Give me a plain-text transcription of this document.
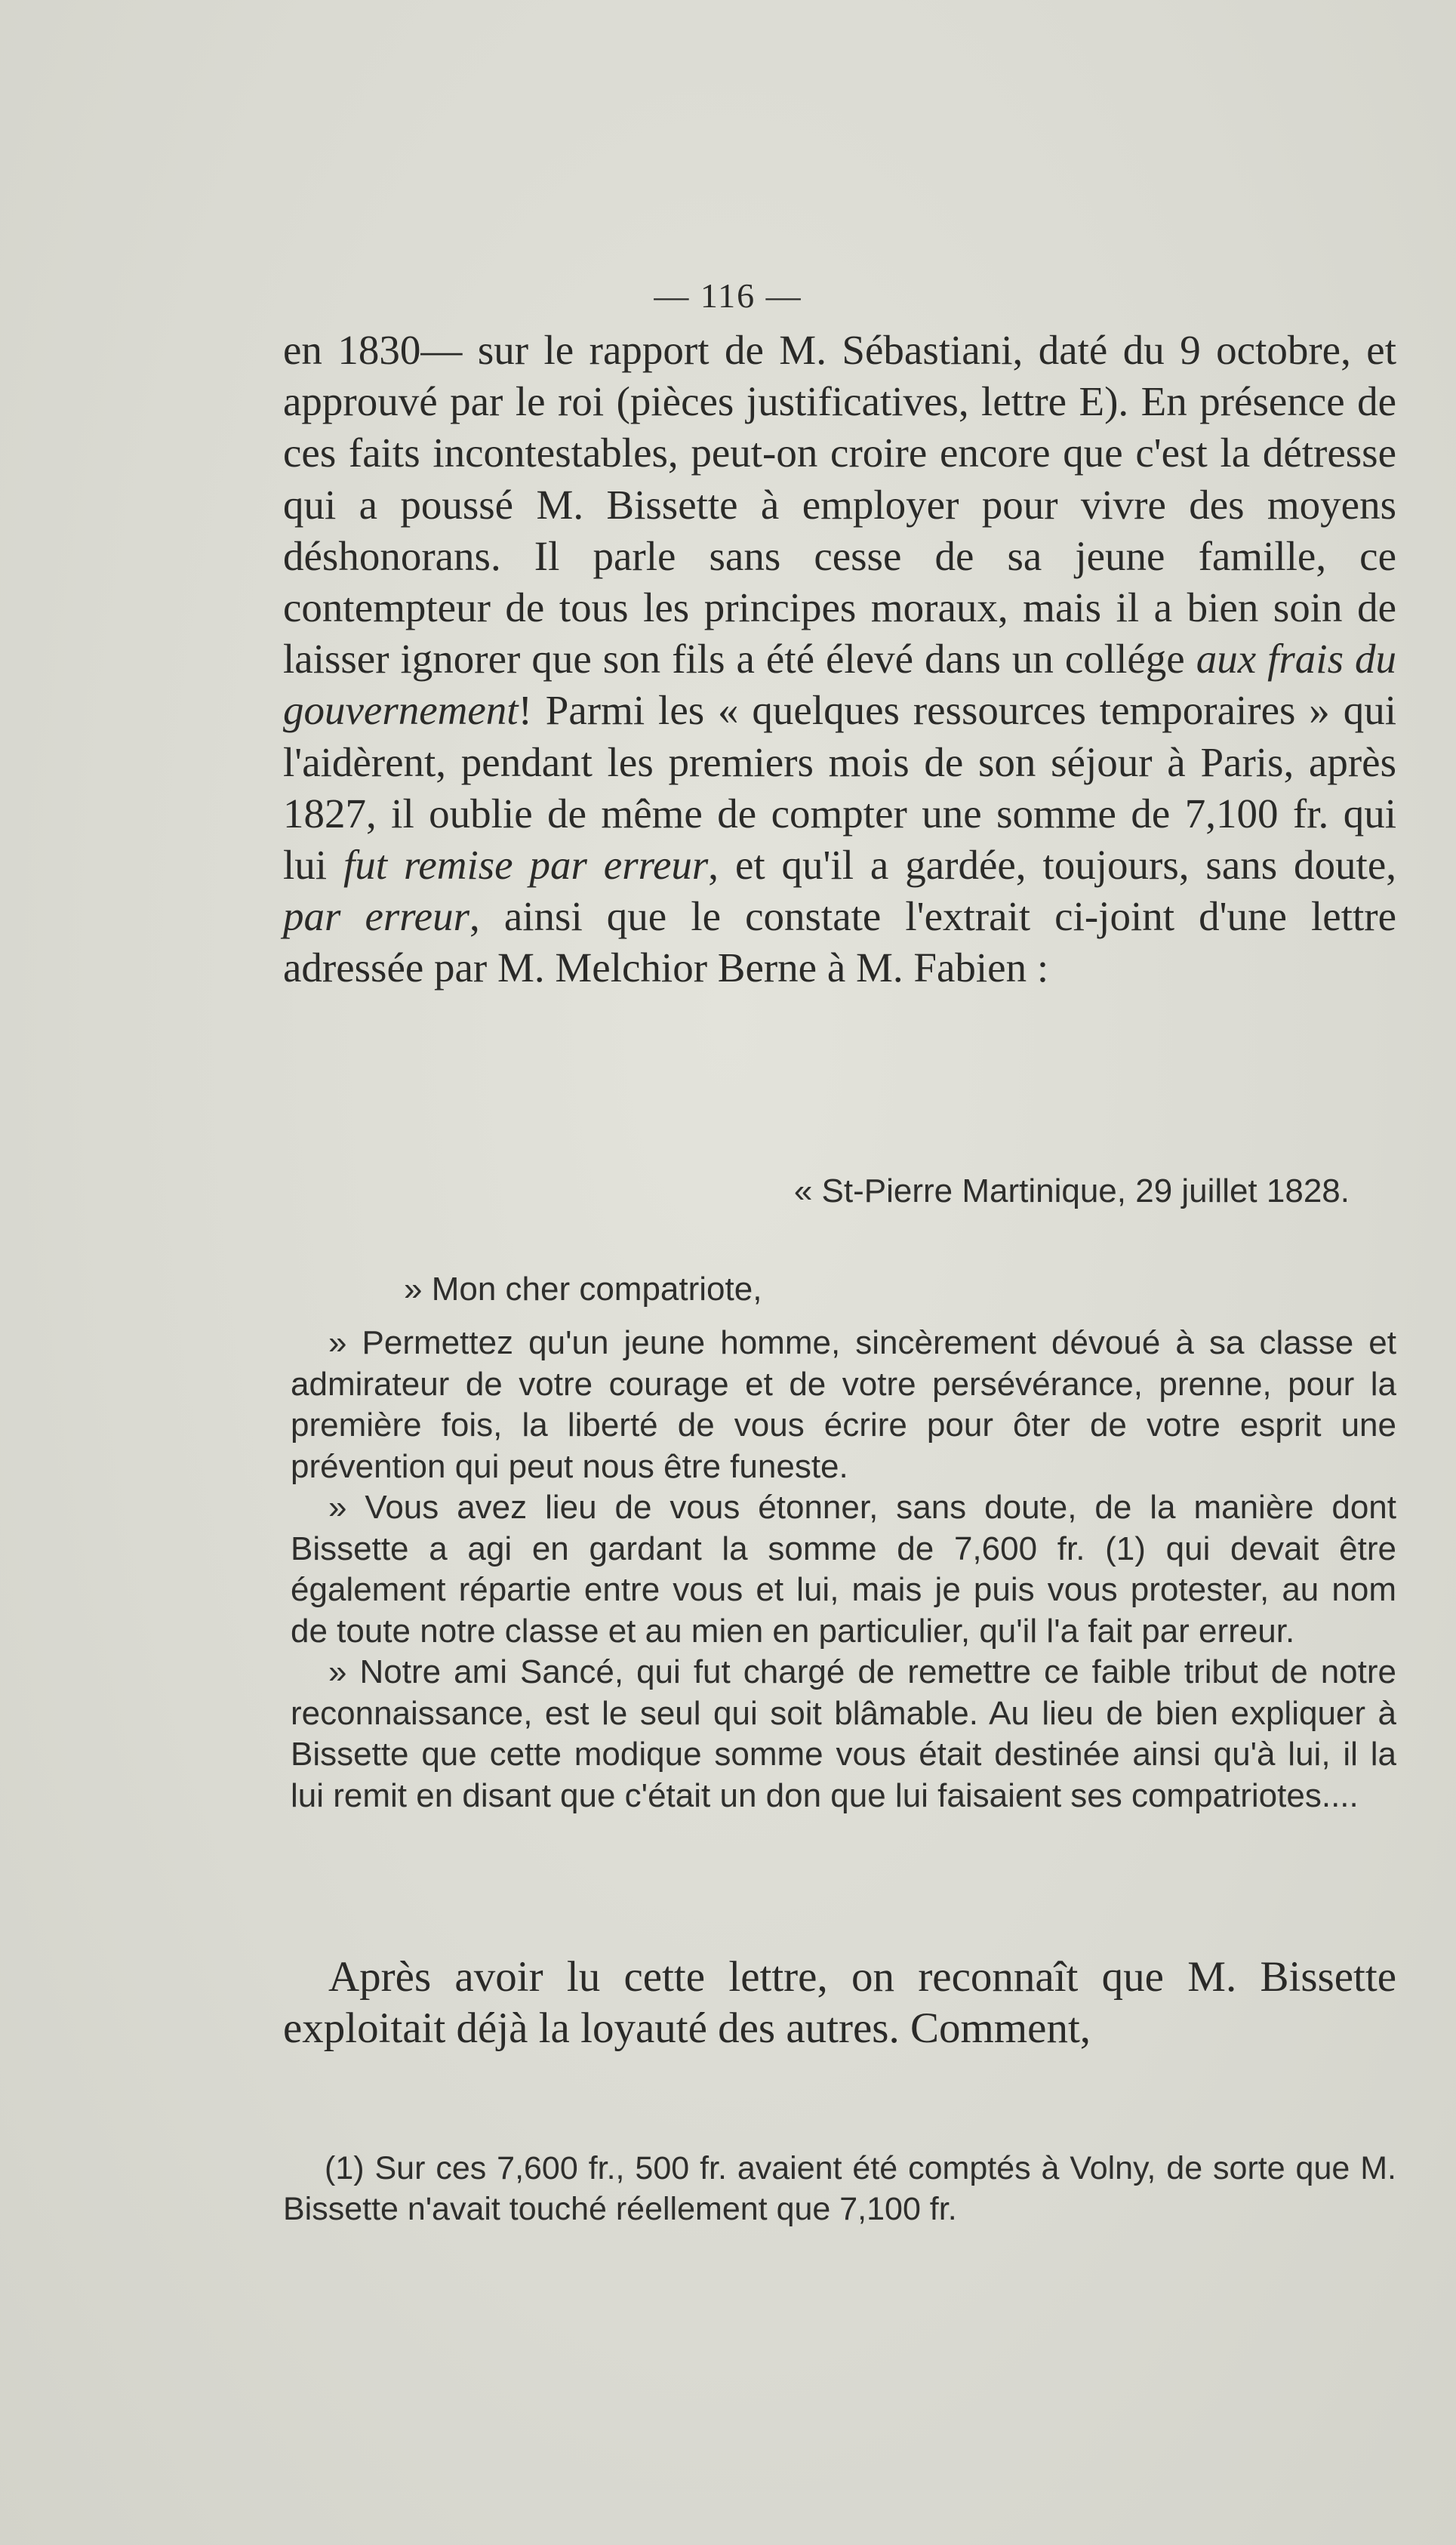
— 116 —

en 1830— sur le rapport de M. Sébastiani, daté du 9 octobre, et approuvé par le roi (pièces justificatives, lettre E). En présence de ces faits incontestables, peut-on croire encore que c'est la détresse qui a poussé M. Bissette à employer pour vivre des moyens déshonorans. Il parle sans cesse de sa jeune famille, ce contempteur de tous les principes moraux, mais il a bien soin de laisser ignorer que son fils a été élevé dans un collége aux frais du gouvernement! Parmi les « quelques ressources temporaires » qui l'aidèrent, pendant les premiers mois de son séjour à Paris, après 1827, il oublie de même de compter une somme de 7,100 fr. qui lui fut remise par erreur, et qu'il a gardée, toujours, sans doute, par erreur, ainsi que le constate l'extrait ci-joint d'une lettre adressée par M. Melchior Berne à M. Fabien :

« St-Pierre Martinique, 29 juillet 1828.
» Mon cher compatriote,

» Permettez qu'un jeune homme, sincèrement dévoué à sa classe et admirateur de votre courage et de votre persévérance, prenne, pour la première fois, la liberté de vous écrire pour ôter de votre esprit une prévention qui peut nous être funeste.

» Vous avez lieu de vous étonner, sans doute, de la manière dont Bissette a agi en gardant la somme de 7,600 fr. (1) qui devait être également répartie entre vous et lui, mais je puis vous protester, au nom de toute notre classe et au mien en particulier, qu'il l'a fait par erreur.

» Notre ami Sancé, qui fut chargé de remettre ce faible tribut de notre reconnaissance, est le seul qui soit blâmable. Au lieu de bien expliquer à Bissette que cette modique somme vous était destinée ainsi qu'à lui, il la lui remit en disant que c'était un don que lui faisaient ses compatriotes....

Après avoir lu cette lettre, on reconnaît que M. Bissette exploitait déjà la loyauté des autres. Comment,

(1) Sur ces 7,600 fr., 500 fr. avaient été comptés à Volny, de sorte que M. Bissette n'avait touché réellement que 7,100 fr.
